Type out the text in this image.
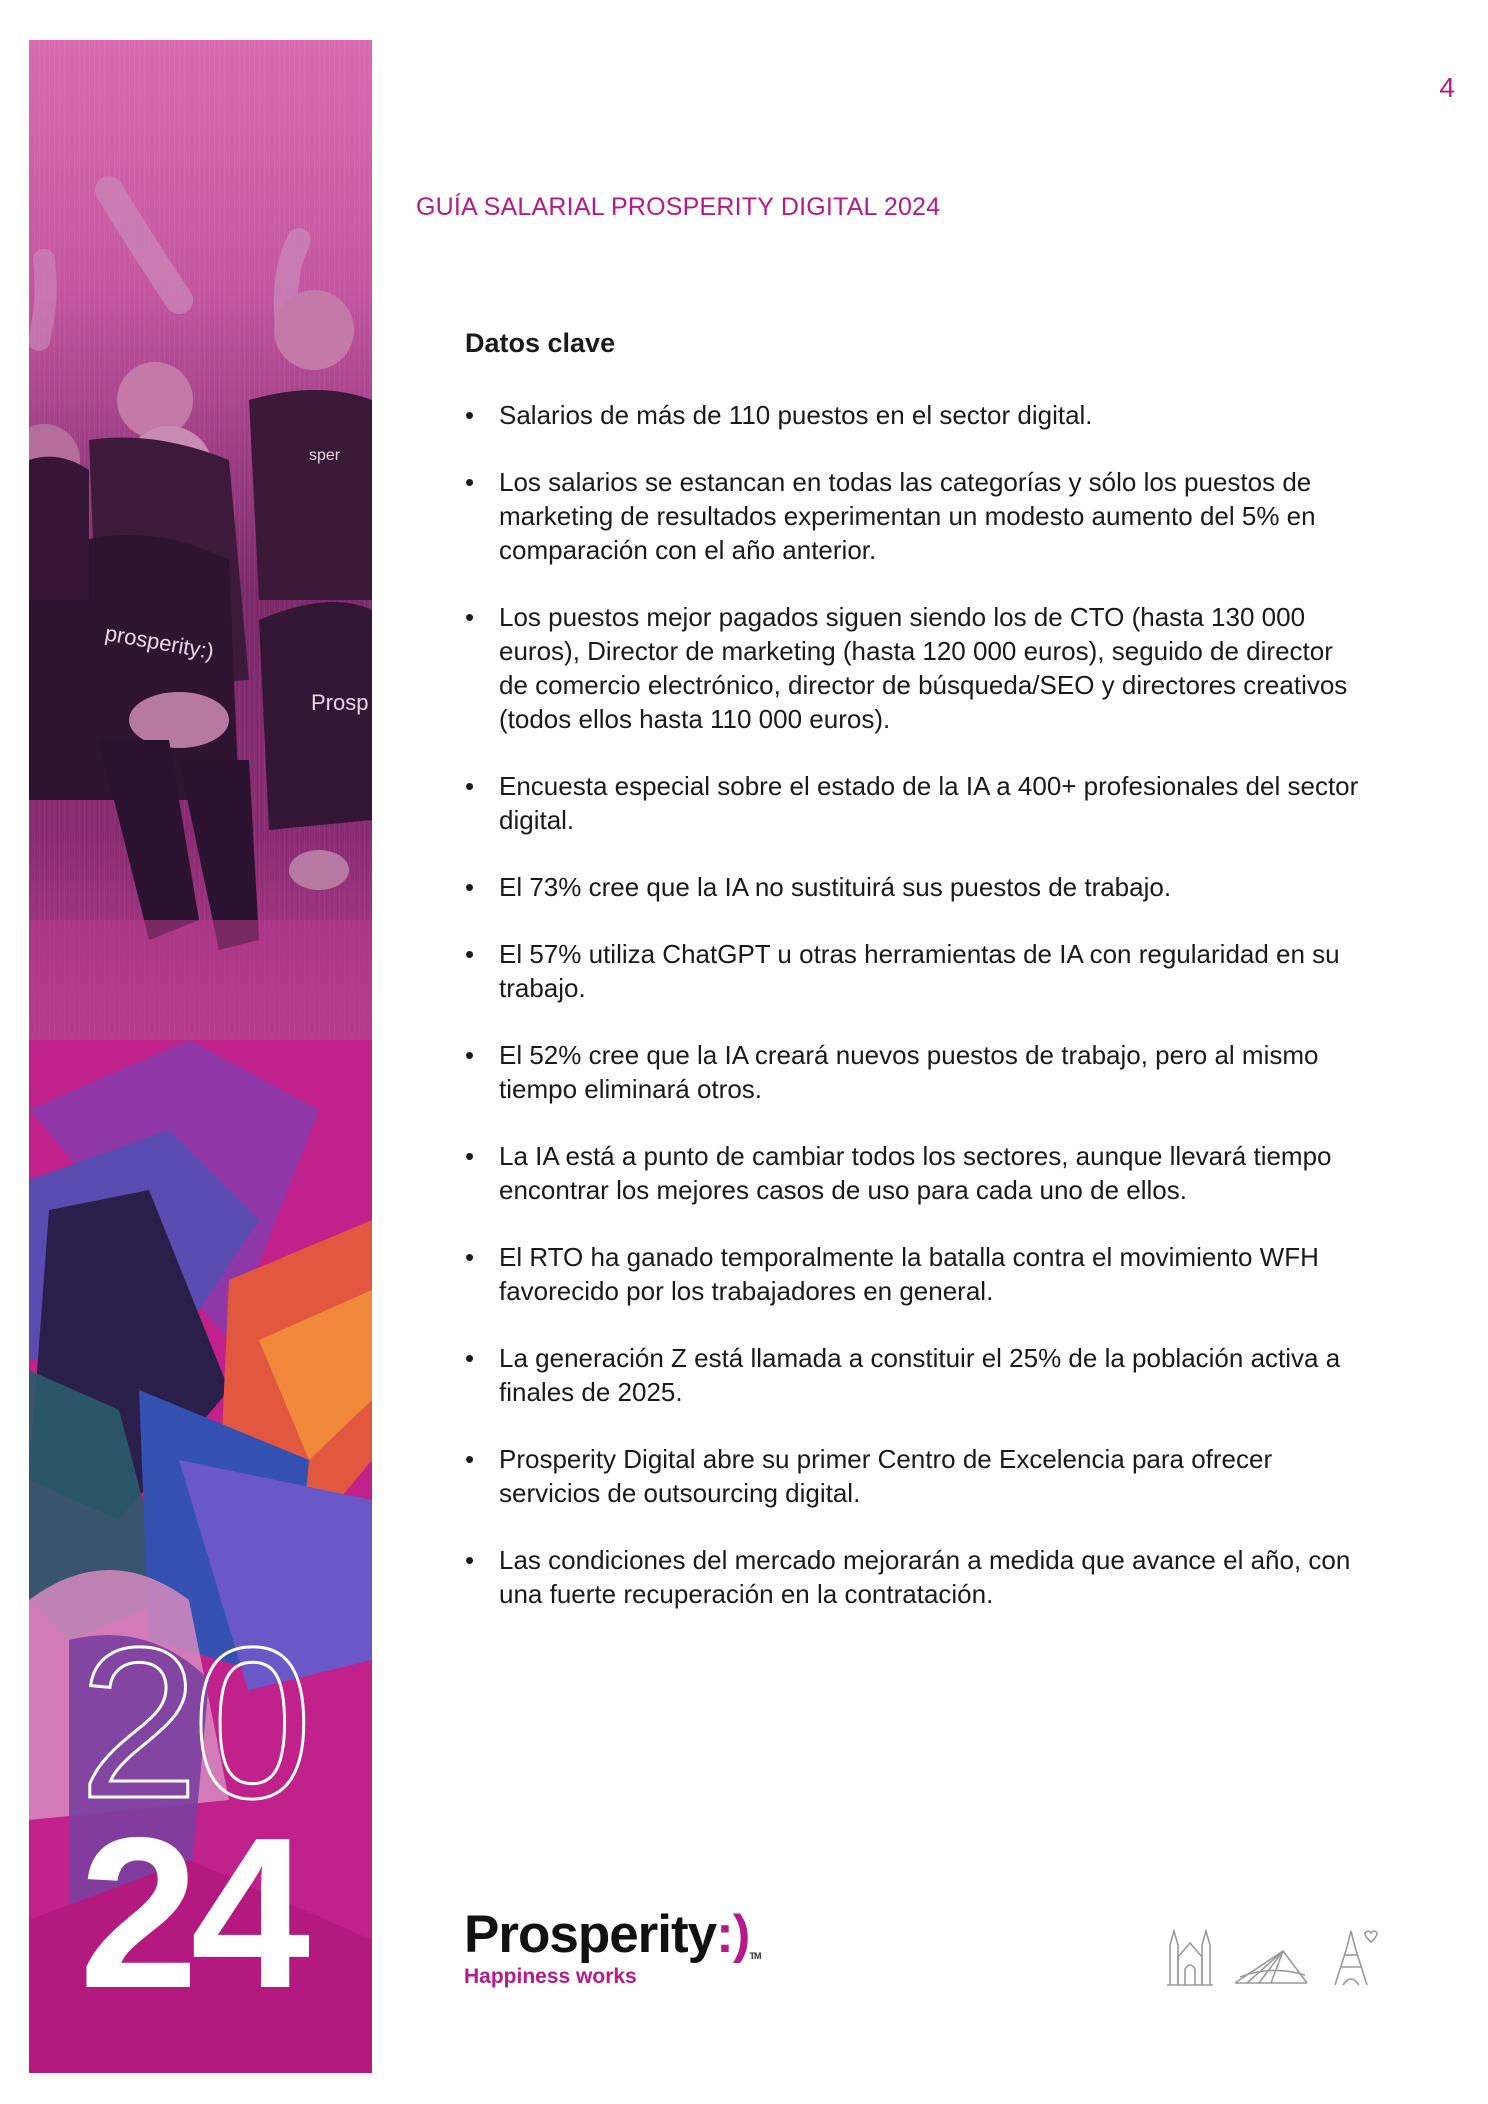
4
prosperity:)
Prosp
sper
20
24
GUÍA SALARIAL PROSPERITY DIGITAL 2024
Datos clave
• Salarios de más de 110 puestos en el sector digital.
• Los salarios se estancan en todas las categorías y sólo los puestos de marketing de resultados experimentan un modesto aumento del 5% en comparación con el año anterior.
• Los puestos mejor pagados siguen siendo los de CTO (hasta 130 000 euros), Director de marketing (hasta 120 000 euros), seguido de director de comercio electrónico, director de búsqueda/SEO y directores creativos (todos ellos hasta 110 000 euros).
• Encuesta especial sobre el estado de la IA a 400+ profesionales del sector digital.
• El 73% cree que la IA no sustituirá sus puestos de trabajo.
• El 57% utiliza ChatGPT u otras herramientas de IA con regularidad en su trabajo.
• El 52% cree que la IA creará nuevos puestos de trabajo, pero al mismo tiempo eliminará otros.
• La IA está a punto de cambiar todos los sectores, aunque llevará tiempo encontrar los mejores casos de uso para cada uno de ellos.
• El RTO ha ganado temporalmente la batalla contra el movimiento WFH favorecido por los trabajadores en general.
• La generación Z está llamada a constituir el 25% de la población activa a finales de 2025.
• Prosperity Digital abre su primer Centro de Excelencia para ofrecer servicios de outsourcing digital.
• Las condiciones del mercado mejorarán a medida que avance el año, con una fuerte recuperación en la contratación.
Prosperity:)TM
Happiness works
